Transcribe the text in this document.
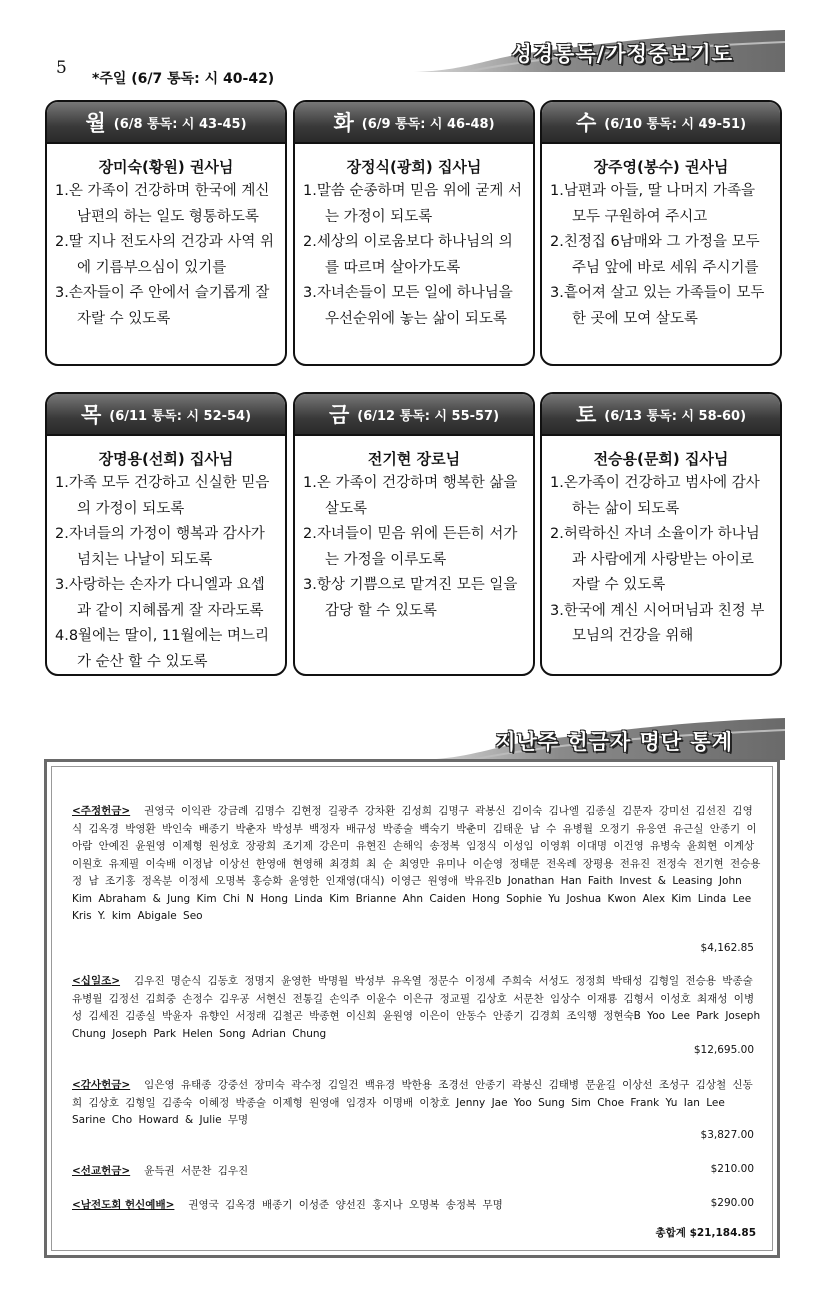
5
*주일 (6/7 통독: 시 40-42)
성경통독/가정중보기도
월 (6/8 통독: 시 43-45)
장미숙(황원) 권사님
1.온 가족이 건강하며 한국에 계신 남편의 하는 일도 형통하도록
2.딸 지나 전도사의 건강과 사역 위에 기름부으심이 있기를
3.손자들이 주 안에서 슬기롭게 잘 자랄 수 있도록
화 (6/9 통독: 시 46-48)
장정식(광희) 집사님
1.말씀 순종하며 믿음 위에 굳게 서는 가정이 되도록
2.세상의 이로움보다 하나님의 의를 따르며 살아가도록
3.자녀손들이 모든 일에 하나님을 우선순위에 놓는 삶이 되도록
수 (6/10 통독: 시 49-51)
장주영(봉수) 권사님
1.남편과 아들, 딸 나머지 가족을 모두 구원하여 주시고
2.친정집 6남매와 그 가정을 모두 주님 앞에 바로 세워 주시기를
3.흩어져 살고 있는 가족들이 모두 한 곳에 모여 살도록
목 (6/11 통독: 시 52-54)
장명용(선희) 집사님
1.가족 모두 건강하고 신실한 믿음의 가정이 되도록
2.자녀들의 가정이 행복과 감사가 넘치는 나날이 되도록
3.사랑하는 손자가 다니엘과 요셉과 같이 지혜롭게 잘 자라도록
4.8월에는 딸이, 11월에는 며느리가 순산 할 수 있도록
금 (6/12 통독: 시 55-57)
전기현 장로님
1.온 가족이 건강하며 행복한 삶을 살도록
2.자녀들이 믿음 위에 든든히 서가는 가정을 이루도록
3.항상 기쁨으로 맡겨진 모든 일을 감당 할 수 있도록
토 (6/13 통독: 시 58-60)
전승용(문희) 집사님
1.온가족이 건강하고 범사에 감사하는 삶이 되도록
2.허락하신 자녀 소율이가 하나님과 사람에게 사랑받는 아이로 자랄 수 있도록
3.한국에 계신 시어머님과 친정 부모님의 건강을 위해
지난주 헌금자 명단 통계
<주정헌금> 권영국 이익관 강금례 김명수 김현정 길광주 강차환 김성희 김명구 곽봉신 김이숙 김나엘 김종실 김문자 강미선 김선진 김영식 김옥경 박영환 박인숙 배종기 박춘자 박성부 백정자 배규성 박종술 백숙기 박춘미 김태운 남 수 유병월 오정기 유응연 유근실 안종기 이아람 안예진 윤원영 이제형 원성호 장광희 조기제 강은미 유현진 손해익 송정복 임정식 이성임 이영휘 이대명 이건영 유병숙 윤희현 이계상 이원호 유제필 이숙배 이정남 이상선 한영애 현영해 최경희 최 순 최영만 유미나 이순영 정태문 전옥례 장평용 전유진 전정숙 전기현 전승용 정 남 조기홍 정옥분 이정세 오명복 홍승화 윤영한 인재영(대식) 이영근 원영애 박유진b Jonathan Han Faith Invest & Leasing John Kim Abraham & Jung Kim Chi N Hong Linda Kim Brianne Ahn Caiden Hong Sophie Yu Joshua Kwon Alex Kim Linda Lee Kris Y. kim Abigale Seo
$4,162.85
<십일조> 김우진 명순식 김동호 정명지 윤영한 박명월 박성부 유옥열 정문수 이정세 주희숙 서성도 정정희 박태성 김형일 전승용 박종술 유병월 김정선 김희중 손정수 김우공 서현신 전통길 손익주 이윤수 이은규 정교필 김상호 서문찬 임상수 이재룡 김형서 이성호 최재성 이병성 김세진 김종실 박윤자 유향인 서정래 김철곤 박종현 이신희 윤원영 이은이 안동수 안종기 김경희 조익행 정현숙B Yoo Lee Park Joseph Chung Joseph Park Helen Song Adrian Chung
$12,695.00
<감사헌금> 임은영 유태종 강중선 장미숙 곽수정 김일건 백유경 박한용 조경선 안종기 곽봉신 김태병 문윤길 이상선 조성구 김상철 신동희 김상호 김형일 김종숙 이혜정 박종술 이제형 원영애 임경자 이명배 이창호 Jenny Jae Yoo Sung Sim Choe Frank Yu Ian Lee Sarine Cho Howard & Julie 무명
$3,827.00
<선교헌금> 윤득권 서문찬 김우진	$210.00
<남전도회 헌신예배> 권영국 김옥경 배종기 이성준 양선진 홍지나 오명복 송정복 무명	$290.00
총합계 $21,184.85
